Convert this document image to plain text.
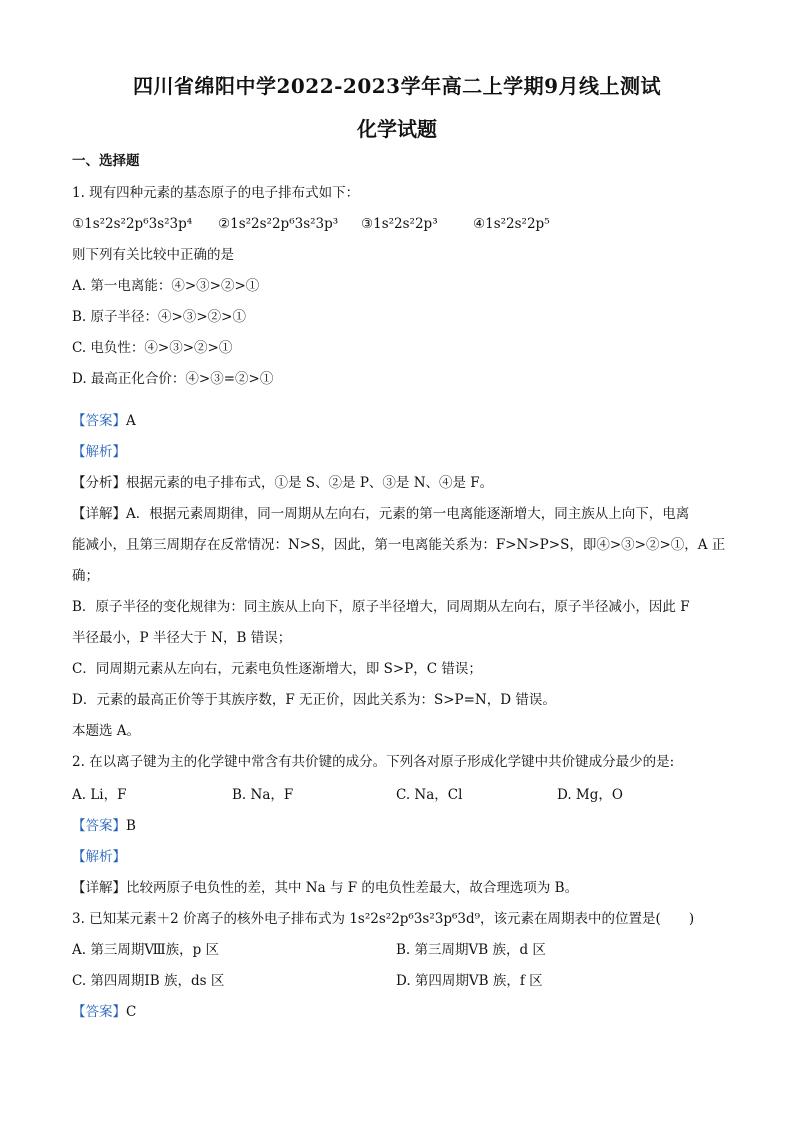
四川省绵阳中学2022-2023学年高二上学期9月线上测试
化学试题
一、选择题
1. 现有四种元素的基态原子的电子排布式如下：
①1s²2s²2p⁶3s²3p⁴ ②1s²2s²2p⁶3s²3p³ ③1s²2s²2p³	④1s²2s²2p⁵
则下列有关比较中正确的是
A. 第一电离能：④>③>②>①
B. 原子半径：④>③>②>①
C. 电负性：④>③>②>①
D. 最高正化合价：④>③=②>①
【答案】A
【解析】
【分析】根据元素的电子排布式，①是 S、②是 P、③是 N、④是 F。
【详解】A．根据元素周期律，同一周期从左向右，元素的第一电离能逐渐增大，同主族从上向下，电离
能减小，且第三周期存在反常情况：N>S，因此，第一电离能关系为：F>N>P>S，即④>③>②>①，A 正
确；
B．原子半径的变化规律为：同主族从上向下，原子半径增大，同周期从左向右，原子半径减小，因此 F
半径最小，P 半径大于 N，B 错误；
C．同周期元素从左向右，元素电负性逐渐增大，即 S>P，C 错误；
D．元素的最高正价等于其族序数，F 无正价，因此关系为：S>P=N，D 错误。
本题选 A。
2. 在以离子键为主的化学键中常含有共价键的成分。下列各对原子形成化学键中共价键成分最少的是:
A. Li，F	B. Na，F	C. Na，Cl	D. Mg，O
【答案】B
【解析】
【详解】比较两原子电负性的差，其中 Na 与 F 的电负性差最大，故合理选项为 B。
3. 已知某元素＋2 价离子的核外电子排布式为 1s²2s²2p⁶3s²3p⁶3d⁹，该元素在周期表中的位置是( )
A. 第三周期Ⅷ族，p 区	B. 第三周期ⅤB 族，d 区
C. 第四周期ⅠB 族，ds 区	D. 第四周期ⅤB 族，f 区
【答案】C
